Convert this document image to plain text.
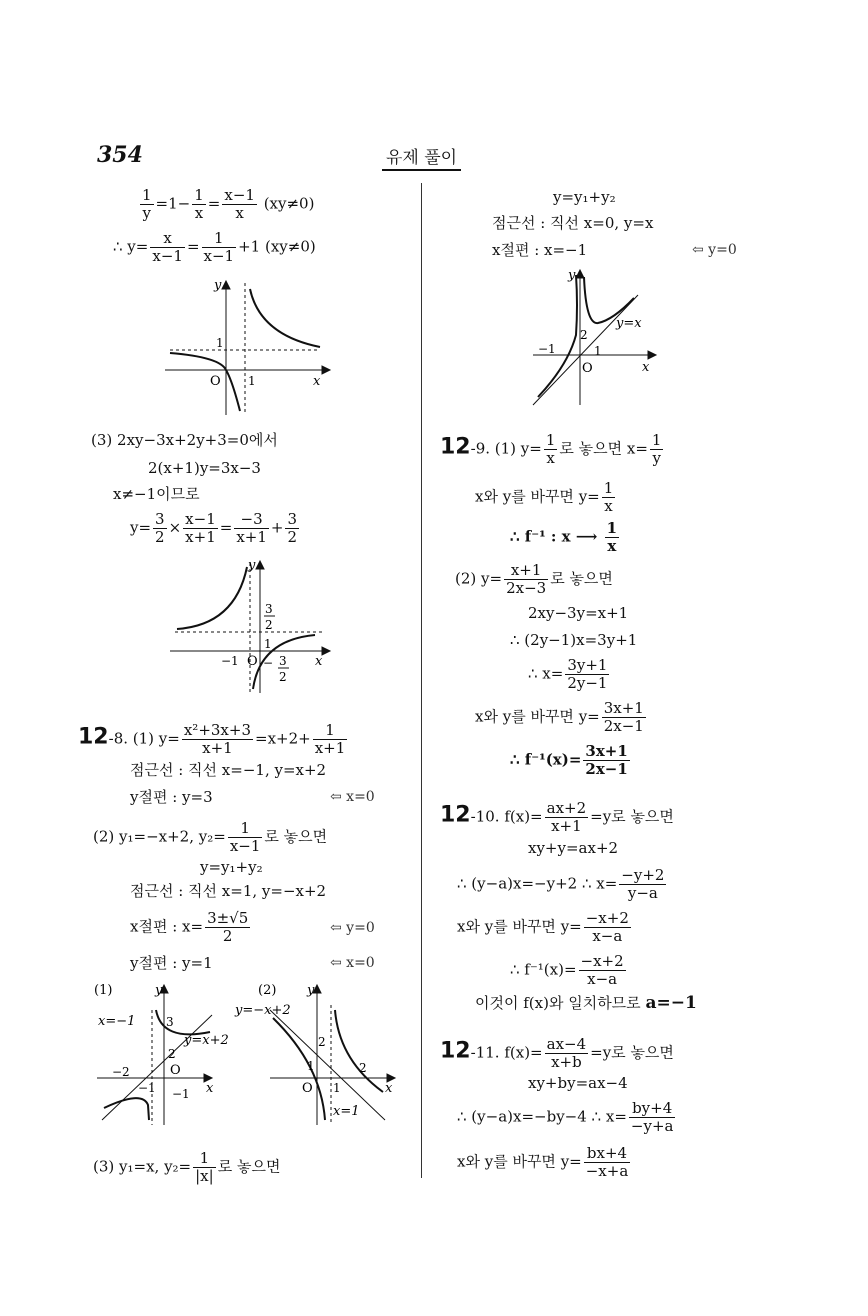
354	유제 풀이
$\frac{1}{y} =1- \frac{1}{x} = \frac{x-1}{x} (xy\ne 0)$
∴ $y= \frac{x}{x-1} = \frac{1}{x-1} +1$ (xy≠0)
y
x
O
1
1
(3) 2xy−3x+2y+3=0에서
2(x+1)y=3x−3
x≠−1이므로
$y= \frac{3}{2} \times \frac{x-1}{x+1} = \frac{-3}{x+1} + \frac{3}{2}$
y
x
−1 O
1
3
2
− 3
2
12-8. (1) $y= \frac{\text{x²+3x+3}}{x+1} =x+2+ \frac{1}{x+1}$
점근선 : 직선 x=−1, y=x+2
y절편 : y=3	⇦ x=0
(2) y₁=−x+2, $y_2= \frac{1}{x-1}$ 로 놓으면
y=y₁+y₂
점근선 : 직선 x=1, y=−x+2
x절편 : $x= \frac{3\pm√5}{2}$	⇦ y=0
y절편 : y=1	⇦ x=0
(1)	y
x=−1	3
y=x+2
2
O
−2
−1 −1 x
(2) y
y=−x+2
2
1
O 1
2
x
x=1
(3) y₁=x, $y_2= \frac{1}{|x|}$ 로 놓으면
y=y₁+y₂
점근선 : 직선 x=0, y=x
x절편 : x=−1	⇦ y=0
y
−1
2
1
O
y=x
x
12-9. (1) $y= \frac{1}{x}$ 로 놓으면 $x= \frac{1}{y}$
x와 y를 바꾸면 $y= \frac{1}{x}$
∴ f⁻¹ : x ⟶ $\frac{1}{x}$
(2) $y= \frac{x+1}{2x-3}$ 로 놓으면
2xy−3y=x+1
∴ (2y−1)x=3y+1
∴ $x= \frac{3y+1}{2y-1}$
x와 y를 바꾸면 $y= \frac{3x+1}{2x-1}$
∴ $f^{-1}(x)= \frac{3x+1}{2x-1}$
12-10. $f(x)= \frac{ax+2}{x+1} =y$로 놓으면
xy+y=ax+2
∴ (y−a)x=−y+2 ∴ $x= \frac{-y+2}{y-a}$
x와 y를 바꾸면 $y= \frac{-x+2}{x-a}$
∴ $f^{-1}(x)= \frac{-x+2}{x-a}$
이것이 f(x)와 일치하므로 a=−1
12-11. $f(x)= \frac{ax-4}{x+b} =y$로 놓으면
xy+by=ax−4
∴ (y−a)x=−by−4 ∴ $x= \frac{by+4}{-y+a}$
x와 y를 바꾸면 $y= \frac{bx+4}{-x+a}$
